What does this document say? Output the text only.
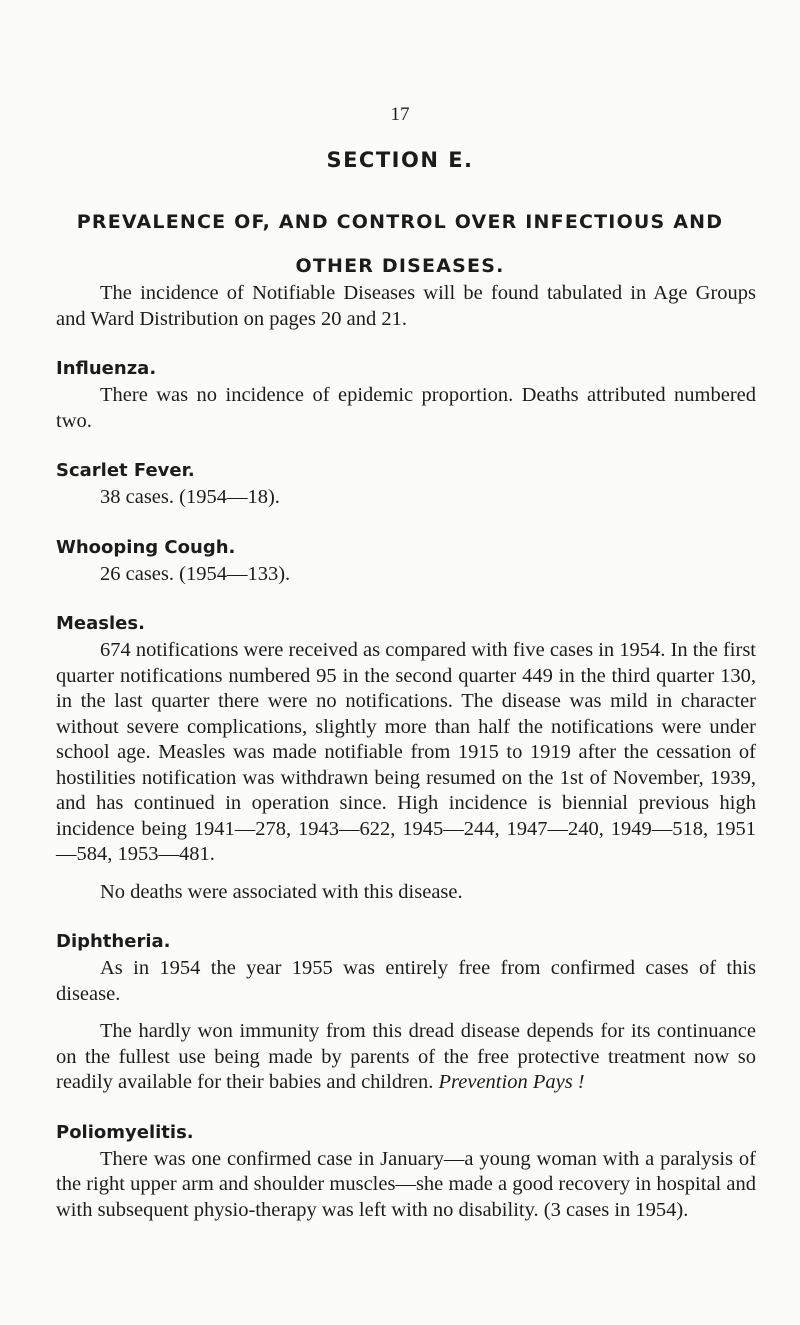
17
SECTION E.
PREVALENCE OF, AND CONTROL OVER INFECTIOUS AND OTHER DISEASES.

The incidence of Notifiable Diseases will be found tabulated in Age Groups and Ward Distribution on pages 20 and 21.

Influenza.

There was no incidence of epidemic proportion. Deaths attributed numbered two.

Scarlet Fever.

38 cases. (1954—18).

Whooping Cough.

26 cases. (1954—133).

Measles.

674 notifications were received as compared with five cases in 1954. In the first quarter notifications numbered 95 in the second quarter 449 in the third quarter 130, in the last quarter there were no notifications. The disease was mild in character without severe complications, slightly more than half the notifications were under school age. Measles was made notifiable from 1915 to 1919 after the cessation of hostilities notification was withdrawn being resumed on the 1st of November, 1939, and has continued in operation since. High incidence is biennial previous high incidence being 1941—278, 1943—622, 1945—244, 1947—240, 1949—518, 1951—584, 1953—481.

No deaths were associated with this disease.

Diphtheria.

As in 1954 the year 1955 was entirely free from confirmed cases of this disease.

The hardly won immunity from this dread disease depends for its continuance on the fullest use being made by parents of the free protective treatment now so readily available for their babies and children. Prevention Pays !

Poliomyelitis.

There was one confirmed case in January—a young woman with a paralysis of the right upper arm and shoulder muscles—she made a good recovery in hospital and with subsequent physio-therapy was left with no disability. (3 cases in 1954).
